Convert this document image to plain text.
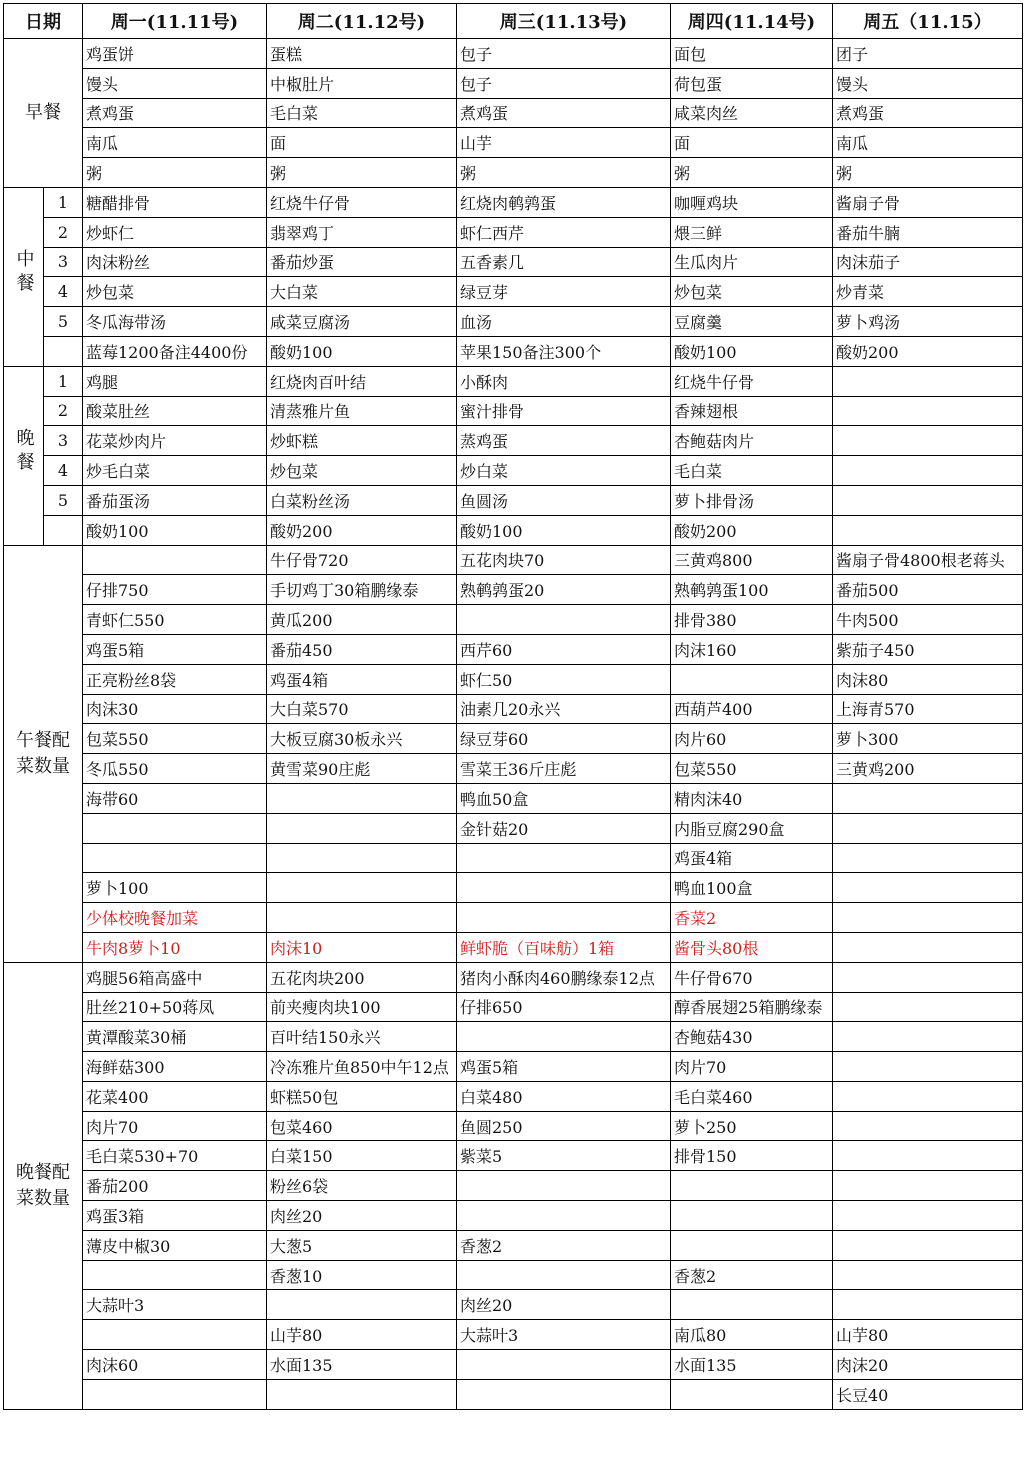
日期		周一(11.11号)	周二(11.12号)	周三(11.13号)	周四(11.14号)	周五（11.15）
早餐		鸡蛋饼	蛋糕	包子	面包	团子
		馒头	中椒肚片	包子	荷包蛋	馒头
		煮鸡蛋	毛白菜	煮鸡蛋	咸菜肉丝	煮鸡蛋
		南瓜	面	山芋	面	南瓜
		粥	粥	粥	粥	粥
中餐	1	糖醋排骨	红烧牛仔骨	红烧肉鹌鹑蛋	咖喱鸡块	酱扇子骨
	2	炒虾仁	翡翠鸡丁	虾仁西芹	煨三鲜	番茄牛腩
	3	肉沫粉丝	番茄炒蛋	五香素几	生瓜肉片	肉沫茄子
	4	炒包菜	大白菜	绿豆芽	炒包菜	炒青菜
	5	冬瓜海带汤	咸菜豆腐汤	血汤	豆腐羹	萝卜鸡汤
		蓝莓1200备注4400份	酸奶100	苹果150备注300个	酸奶100	酸奶200
晚餐	1	鸡腿	红烧肉百叶结	小酥肉	红烧牛仔骨	
	2	酸菜肚丝	清蒸雅片鱼	蜜汁排骨	香辣翅根	
	3	花菜炒肉片	炒虾糕	蒸鸡蛋	杏鲍菇肉片	
	4	炒毛白菜	炒包菜	炒白菜	毛白菜	
	5	番茄蛋汤	白菜粉丝汤	鱼圆汤	萝卜排骨汤	
		酸奶100	酸奶200	酸奶100	酸奶200	
午餐配菜数量			牛仔骨720	五花肉块70	三黄鸡800	酱扇子骨4800根老蒋头
		仔排750	手切鸡丁30箱鹏缘泰	熟鹌鹑蛋20	熟鹌鹑蛋100	番茄500
		青虾仁550	黄瓜200		排骨380	牛肉500
		鸡蛋5箱	番茄450	西芹60	肉沫160	紫茄子450
		正亮粉丝8袋	鸡蛋4箱	虾仁50		肉沫80
		肉沫30	大白菜570	油素几20永兴	西葫芦400	上海青570
		包菜550	大板豆腐30板永兴	绿豆芽60	肉片60	萝卜300
		冬瓜550	黄雪菜90庄彪	雪菜王36斤庄彪	包菜550	三黄鸡200
		海带60		鸭血50盒	精肉沫40	
				金针菇20	内脂豆腐290盒	
					鸡蛋4箱	
		萝卜100			鸭血100盒	
		少体校晚餐加菜			香菜2	
		牛肉8萝卜10	肉沫10	鲜虾脆（百味舫）1箱	酱骨头80根	
晚餐配菜数量		鸡腿56箱高盛中	五花肉块200	猪肉小酥肉460鹏缘泰12点	牛仔骨670	
		肚丝210+50蒋凤	前夹瘦肉块100	仔排650	醇香展翅25箱鹏缘泰	
		黄潭酸菜30桶	百叶结150永兴		杏鲍菇430	
		海鲜菇300	冷冻雅片鱼850中午12点	鸡蛋5箱	肉片70	
		花菜400	虾糕50包	白菜480	毛白菜460	
		肉片70	包菜460	鱼圆250	萝卜250	
		毛白菜530+70	白菜150	紫菜5	排骨150	
		番茄200	粉丝6袋			
		鸡蛋3箱	肉丝20			
		薄皮中椒30	大葱5	香葱2		
			香葱10		香葱2	
		大蒜叶3		肉丝20		
			山芋80	大蒜叶3	南瓜80	山芋80
		肉沫60	水面135		水面135	肉沫20
						长豆40
